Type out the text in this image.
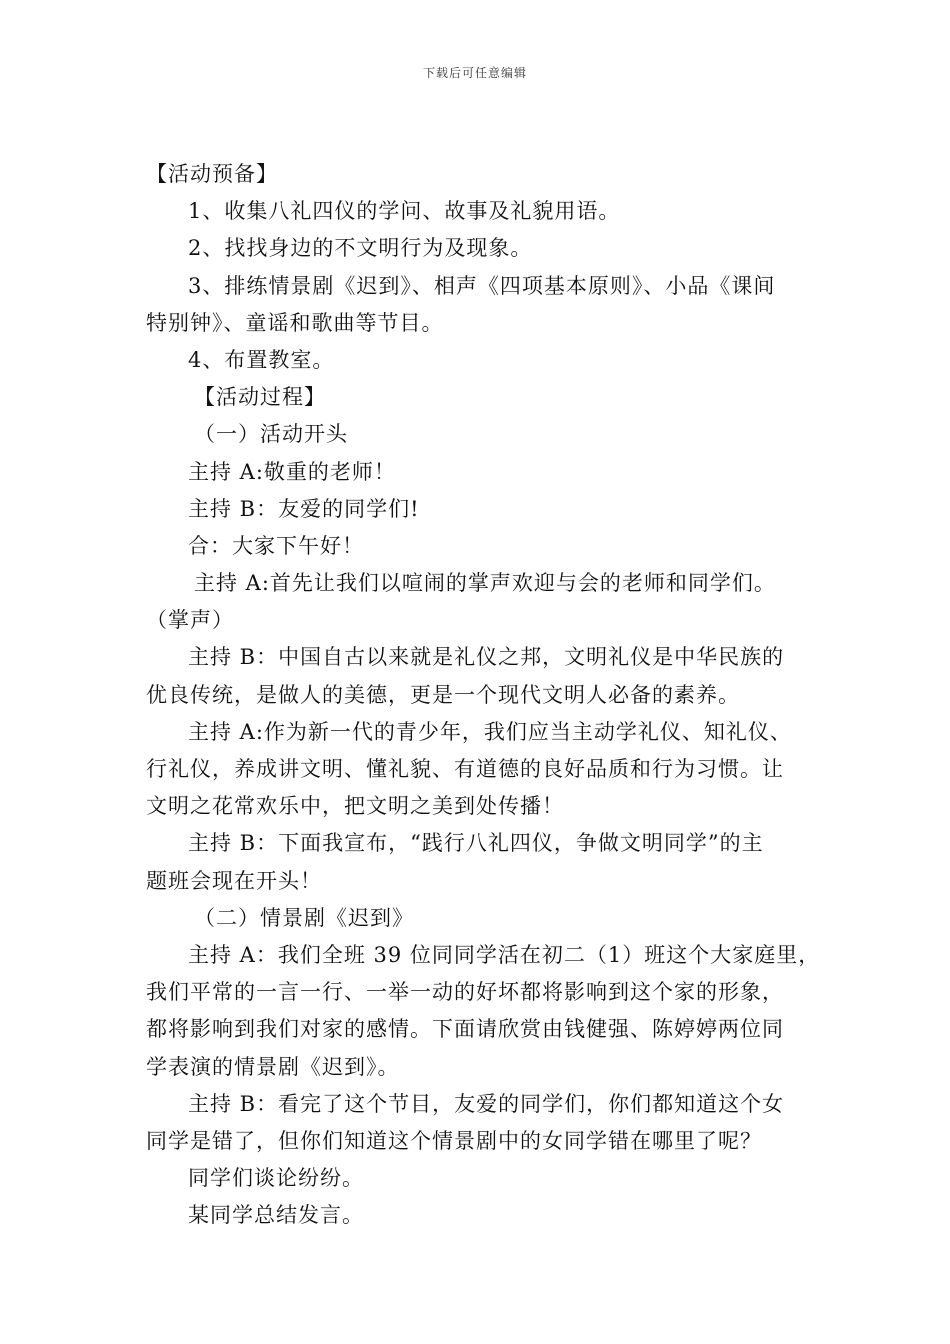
下载后可任意编辑
【活动预备】
1、收集八礼四仪的学问、故事及礼貌用语。
2、找找身边的不文明行为及现象。
3、排练情景剧《迟到》、相声《四项基本原则》、小品《课间
特别钟》、童谣和歌曲等节目。
4、布置教室。
【活动过程】
（一）活动开头
主持 A:敬重的老师！
主持 B：友爱的同学们!
合：大家下午好！
主持 A:首先让我们以喧闹的掌声欢迎与会的老师和同学们。
（掌声）
主持 B：中国自古以来就是礼仪之邦，文明礼仪是中华民族的
优良传统，是做人的美德，更是一个现代文明人必备的素养。
主持 A:作为新一代的青少年，我们应当主动学礼仪、知礼仪、
行礼仪，养成讲文明、懂礼貌、有道德的良好品质和行为习惯。让
文明之花常欢乐中，把文明之美到处传播！
主持 B：下面我宣布，“践行八礼四仪，争做文明同学”的主
题班会现在开头！
（二）情景剧《迟到》
主持 A：我们全班 39 位同同学活在初二（1）班这个大家庭里，
我们平常的一言一行、一举一动的好坏都将影响到这个家的形象，
都将影响到我们对家的感情。下面请欣赏由钱健强、陈婷婷两位同
学表演的情景剧《迟到》。
主持 B：看完了这个节目，友爱的同学们，你们都知道这个女
同学是错了，但你们知道这个情景剧中的女同学错在哪里了呢？
同学们谈论纷纷。
某同学总结发言。
